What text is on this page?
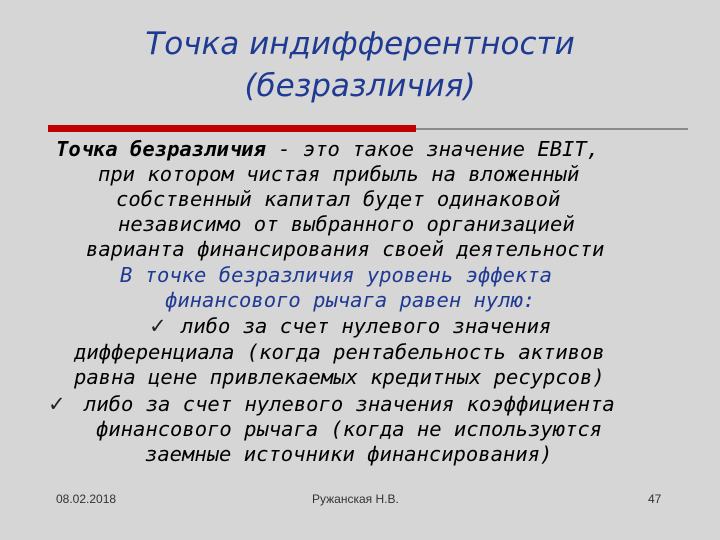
Точка индифферентности
(безразличия)
Точка безразличия - это такое значение EBIT,
при котором чистая прибыль на вложенный
собственный капитал будет одинаковой
независимо от выбранного организацией
варианта финансирования своей деятельности
В точке безразличия уровень эффекта
финансового рычага равен нулю:
✓ либо за счет нулевого значения
дифференциала (когда рентабельность активов
равна цене привлекаемых кредитных ресурсов)
✓ либо за счет нулевого значения коэффициента
финансового рычага (когда не используются
заемные источники финансирования)
08.02.2018	Ружанская Н.В.	47
